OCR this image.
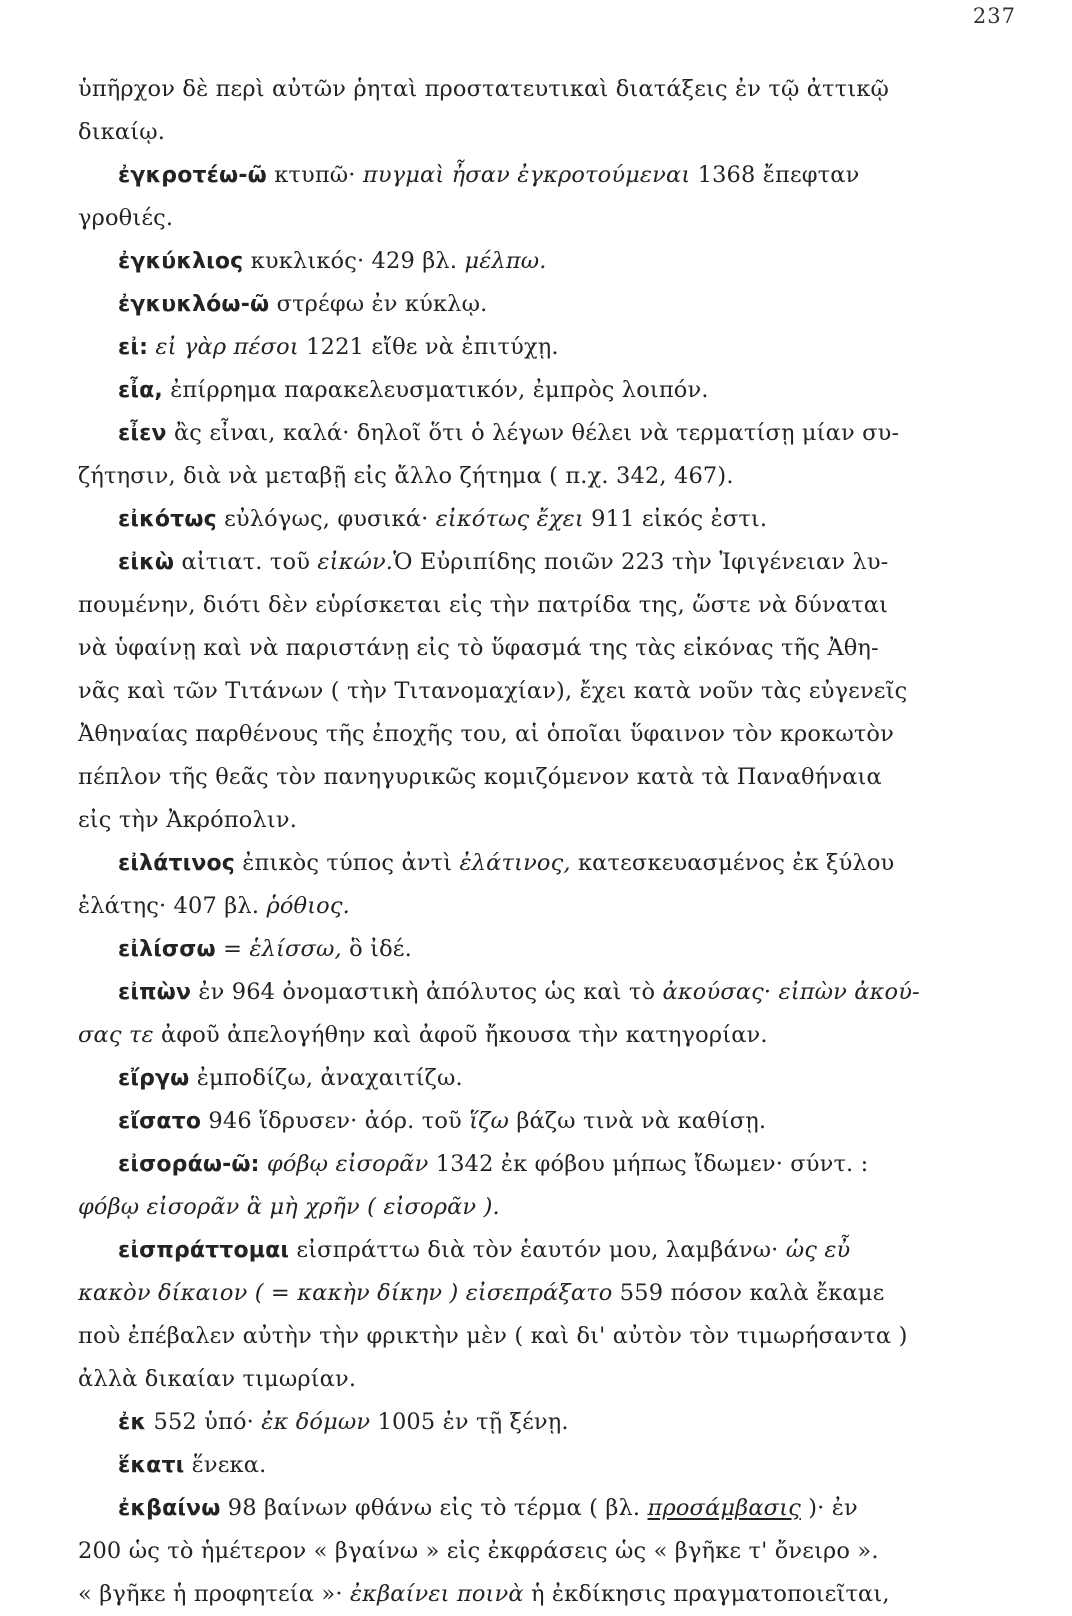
237
ὑπῆρχον δὲ περὶ αὐτῶν ῥηταὶ προστατευτικαὶ διατάξεις ἐν τῷ ἀττικῷ
δικαίῳ.
ἐγκροτέω-ῶ κτυπῶ· πυγμαὶ ἦσαν ἐγκροτούμεναι 1368 ἔπεφταν
γροθιές.
ἐγκύκλιος κυκλικός· 429 βλ. μέλπω.
ἐγκυκλόω-ῶ στρέφω ἐν κύκλῳ.
εἰ: εἰ γὰρ πέσοι 1221 εἴθε νὰ ἐπιτύχῃ.
εἶα, ἐπίρρημα παρακελευσματικόν, ἐμπρὸς λοιπόν.
εἶεν ἂς εἶναι, καλά· δηλοῖ ὅτι ὁ λέγων θέλει νὰ τερματίσῃ μίαν συ-
ζήτησιν, διὰ νὰ μεταβῇ εἰς ἄλλο ζήτημα ( π.χ. 342, 467).
εἰκότως εὐλόγως, φυσικά· εἰκότως ἔχει 911 εἰκός ἐστι.
εἰκὼ αἰτιατ. τοῦ εἰκών.Ὁ Εὐριπίδης ποιῶν 223 τὴν Ἰφιγένειαν λυ-
πουμένην, διότι δὲν εὑρίσκεται εἰς τὴν πατρίδα της, ὥστε νὰ δύναται
νὰ ὑφαίνῃ καὶ νὰ παριστάνῃ εἰς τὸ ὕφασμά της τὰς εἰκόνας τῆς Ἀθη-
νᾶς καὶ τῶν Τιτάνων ( τὴν Τιτανομαχίαν), ἔχει κατὰ νοῦν τὰς εὐγενεῖς
Ἀθηναίας παρθένους τῆς ἐποχῆς του, αἱ ὁποῖαι ὕφαινον τὸν κροκωτὸν
πέπλον τῆς θεᾶς τὸν πανηγυρικῶς κομιζόμενον κατὰ τὰ Παναθήναια
εἰς τὴν Ἀκρόπολιν.
εἰλάτινος ἐπικὸς τύπος ἀντὶ ἐλάτινος, κατεσκευασμένος ἐκ ξύλου
ἐλάτης· 407 βλ. ῥόθιος.
εἰλίσσω = ἑλίσσω, ὃ ἰδέ.
εἰπὼν ἐν 964 ὀνομαστικὴ ἀπόλυτος ὡς καὶ τὸ ἀκούσας· εἰπὼν ἀκού-
σας τε ἀφοῦ ἀπελογήθην καὶ ἀφοῦ ἤκουσα τὴν κατηγορίαν.
εἴργω ἐμποδίζω, ἀναχαιτίζω.
εἴσατο 946 ἵδρυσεν· ἀόρ. τοῦ ἵζω βάζω τινὰ νὰ καθίσῃ.
εἰσοράω-ῶ: φόβῳ εἰσορᾶν 1342 ἐκ φόβου μήπως ἴδωμεν· σύντ. :
φόβῳ εἰσορᾶν ἃ μὴ χρῆν ( εἰσορᾶν ).
εἰσπράττομαι εἰσπράττω διὰ τὸν ἑαυτόν μου, λαμβάνω· ὡς εὖ
κακὸν δίκαιον ( = κακὴν δίκην ) εἰσεπράξατο 559 πόσον καλὰ ἔκαμε
ποὺ ἐπέβαλεν αὐτὴν τὴν φρικτὴν μὲν ( καὶ δι' αὐτὸν τὸν τιμωρήσαντα )
ἀλλὰ δικαίαν τιμωρίαν.
ἐκ 552 ὑπό· ἐκ δόμων 1005 ἐν τῇ ξένῃ.
ἕκατι ἕνεκα.
ἐκβαίνω 98 βαίνων φθάνω εἰς τὸ τέρμα ( βλ. προσάμβασις )· ἐν
200 ὡς τὸ ἡμέτερον « βγαίνω » εἰς ἐκφράσεις ὡς « βγῆκε τ' ὄνειρο ».
« βγῆκε ἡ προφητεία »· ἐκβαίνει ποινὰ ἡ ἐκδίκησις πραγματοποιεῖται,
